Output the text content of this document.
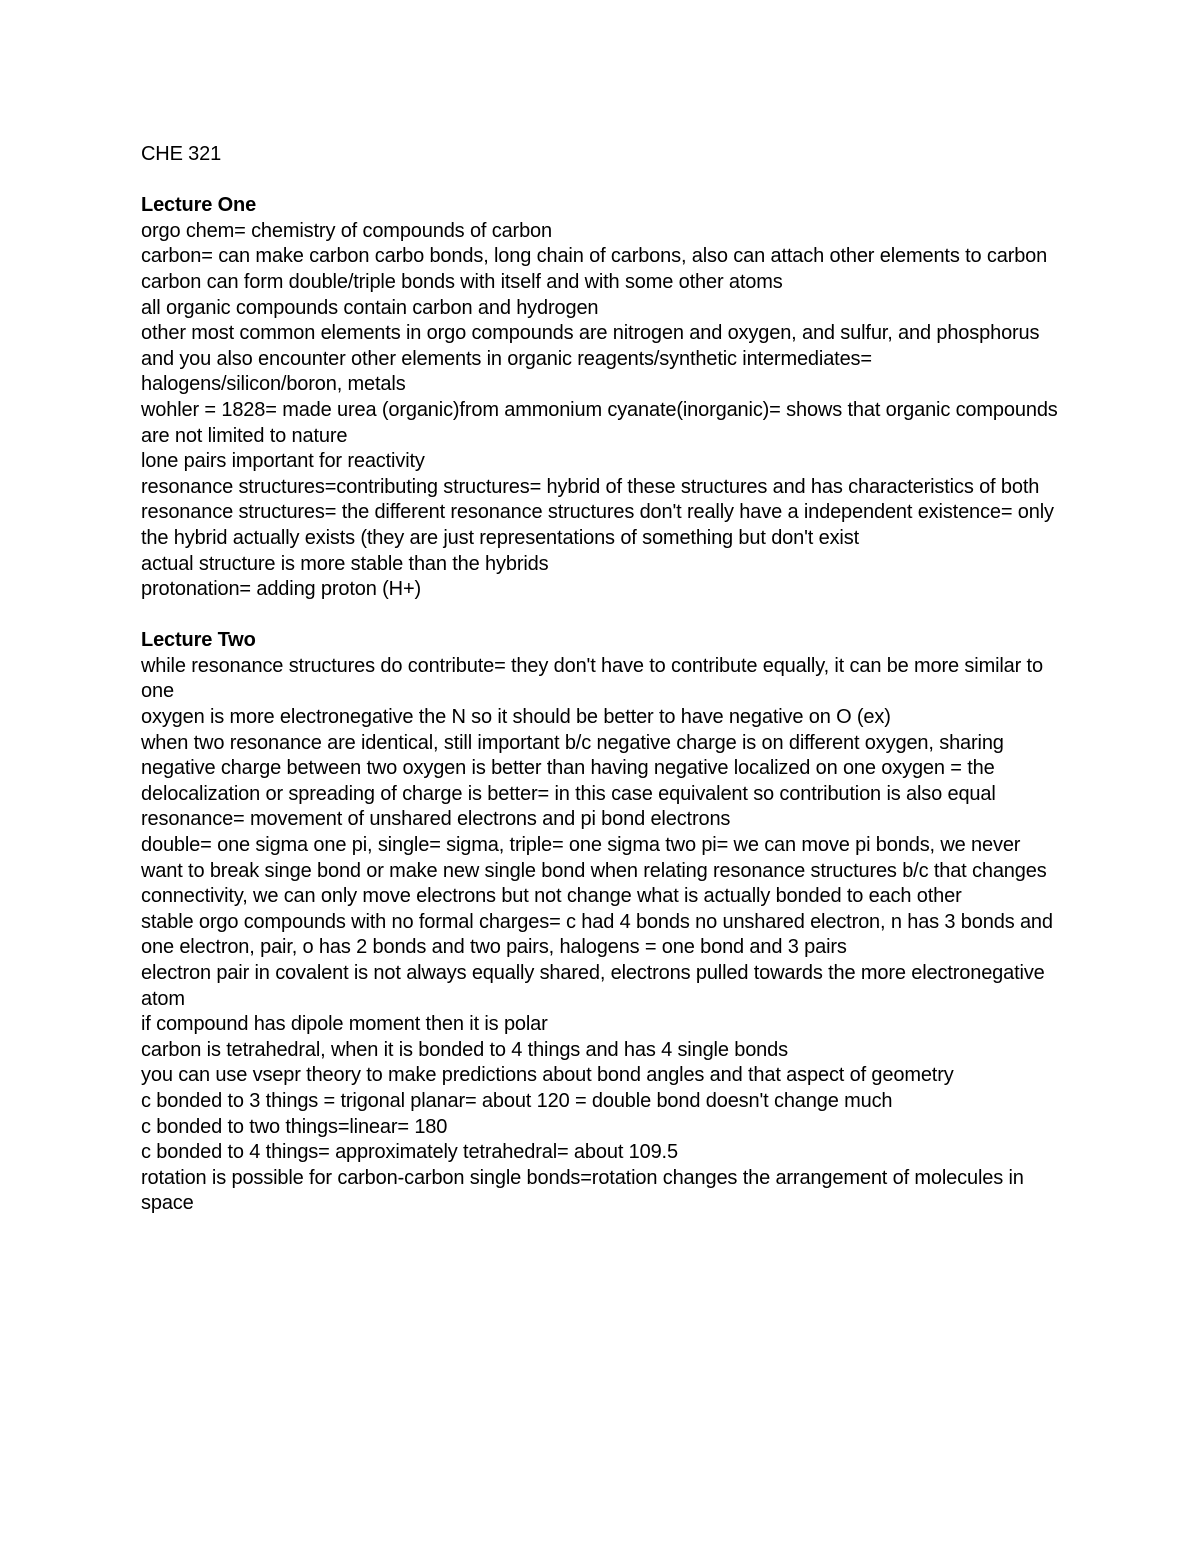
CHE 321

Lecture One
orgo chem= chemistry of compounds of carbon
carbon= can make carbon carbo bonds, long chain of carbons, also can attach other elements to carbon
carbon can form double/triple bonds with itself and with some other atoms
all organic compounds contain carbon and hydrogen
other most common elements in orgo compounds are nitrogen and oxygen, and sulfur, and phosphorus
and you also encounter other elements in organic reagents/synthetic intermediates= halogens/silicon/boron, metals
wohler = 1828= made urea (organic)from ammonium cyanate(inorganic)= shows that organic compounds are not limited to nature
lone pairs important for reactivity
resonance structures=contributing structures= hybrid of these structures and has characteristics of both
resonance structures= the different resonance structures don't really have a independent existence= only the hybrid actually exists (they are just representations of something but don't exist
actual structure is more stable than the hybrids
protonation= adding proton (H+)
Lecture Two
while resonance structures do contribute= they don't have to contribute equally, it can be more similar to one
oxygen is more electronegative the N so it should be better to have negative on O (ex)
when two resonance are identical, still important b/c negative charge is on different oxygen, sharing negative charge between two oxygen is better than having negative localized on one oxygen = the delocalization or spreading of charge is better= in this case equivalent so contribution is also equal
resonance= movement of unshared electrons and pi bond electrons
double= one sigma one pi, single= sigma, triple= one sigma two pi= we can move pi bonds, we never want to break singe bond or make new single bond when relating resonance structures b/c that changes connectivity, we can only move electrons but not change what is actually bonded to each other
stable orgo compounds with no formal charges= c had 4 bonds no unshared electron, n has 3 bonds and one electron, pair, o has 2 bonds and two pairs, halogens = one bond and 3 pairs
electron pair in covalent is not always equally shared, electrons pulled towards the more electronegative atom
if compound has dipole moment then it is polar
carbon is tetrahedral, when it is bonded to 4 things and has 4 single bonds
you can use vsepr theory to make predictions about bond angles and that aspect of geometry
c bonded to 3 things = trigonal planar= about 120 = double bond doesn't change much
c bonded to two things=linear= 180
c bonded to 4 things= approximately tetrahedral= about 109.5
rotation is possible for carbon-carbon single bonds=rotation changes the arrangement of molecules in space
